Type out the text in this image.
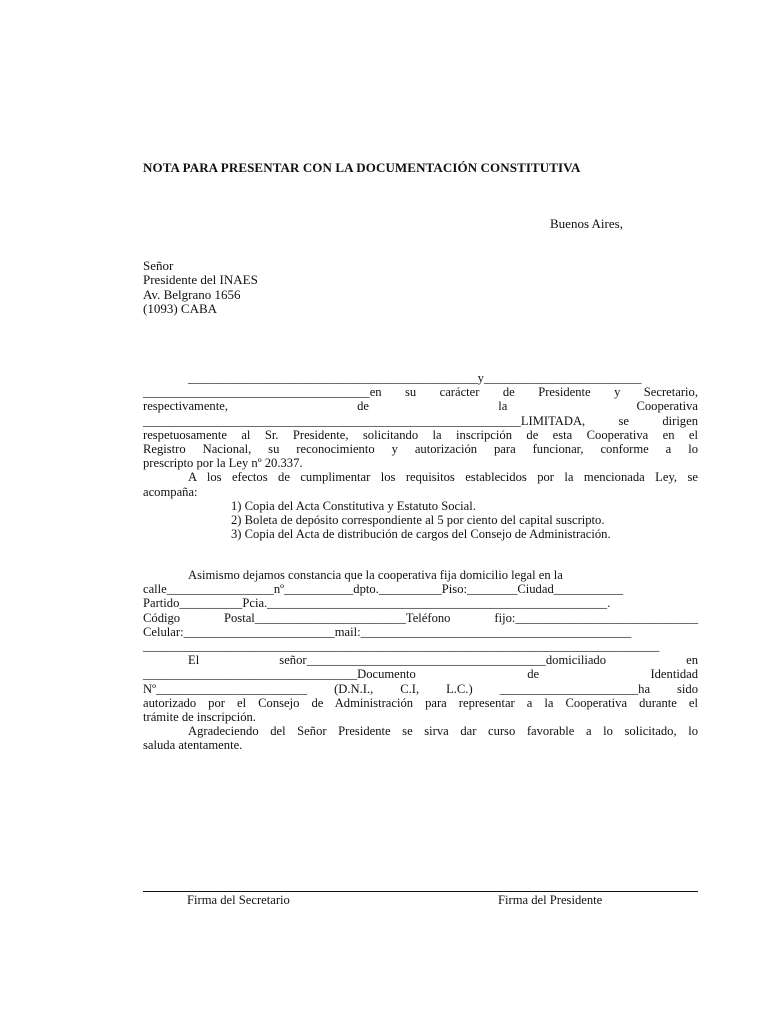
NOTA PARA PRESENTAR CON LA DOCUMENTACIÓN CONSTITUTIVA
Buenos Aires,
Señor
Presidente del INAES
Av. Belgrano 1656
(1093) CABA
______________________________________________y_________________________
____________________________________en su carácter de Presidente y Secretario,
respectivamente, de la Cooperativa
____________________________________________________________LIMITADA, se dirigen
respetuosamente al Sr. Presidente, solicitando la inscripción de esta Cooperativa en el
Registro Nacional, su reconocimiento y autorización para funcionar, conforme a lo
prescripto por la Ley nº 20.337.
A los efectos de cumplimentar los requisitos establecidos por la mencionada Ley, se
acompaña:
1) Copia del Acta Constitutiva y Estatuto Social.
2) Boleta de depósito correspondiente al 5 por ciento del capital suscripto.
3) Copia del Acta de distribución de cargos del Consejo de Administración.
Asimismo dejamos constancia que la cooperativa fija domicilio legal en la
calle_________________nº___________dpto.__________Piso:________Ciudad___________
Partido__________Pcia.______________________________________________________.
Código Postal________________________Teléfono fijo:_____________________________
Celular:________________________mail:___________________________________________
__________________________________________________________________________________
El señor______________________________________domiciliado en
__________________________________Documento de Identidad
Nº________________________ (D.N.I., C.I, L.C.) ______________________ha sido
autorizado por el Consejo de Administración para representar a la Cooperativa durante el
trámite de inscripción.
Agradeciendo del Señor Presidente se sirva dar curso favorable a lo solicitado, lo
saluda atentamente.
Firma del Secretario	Firma del Presidente
